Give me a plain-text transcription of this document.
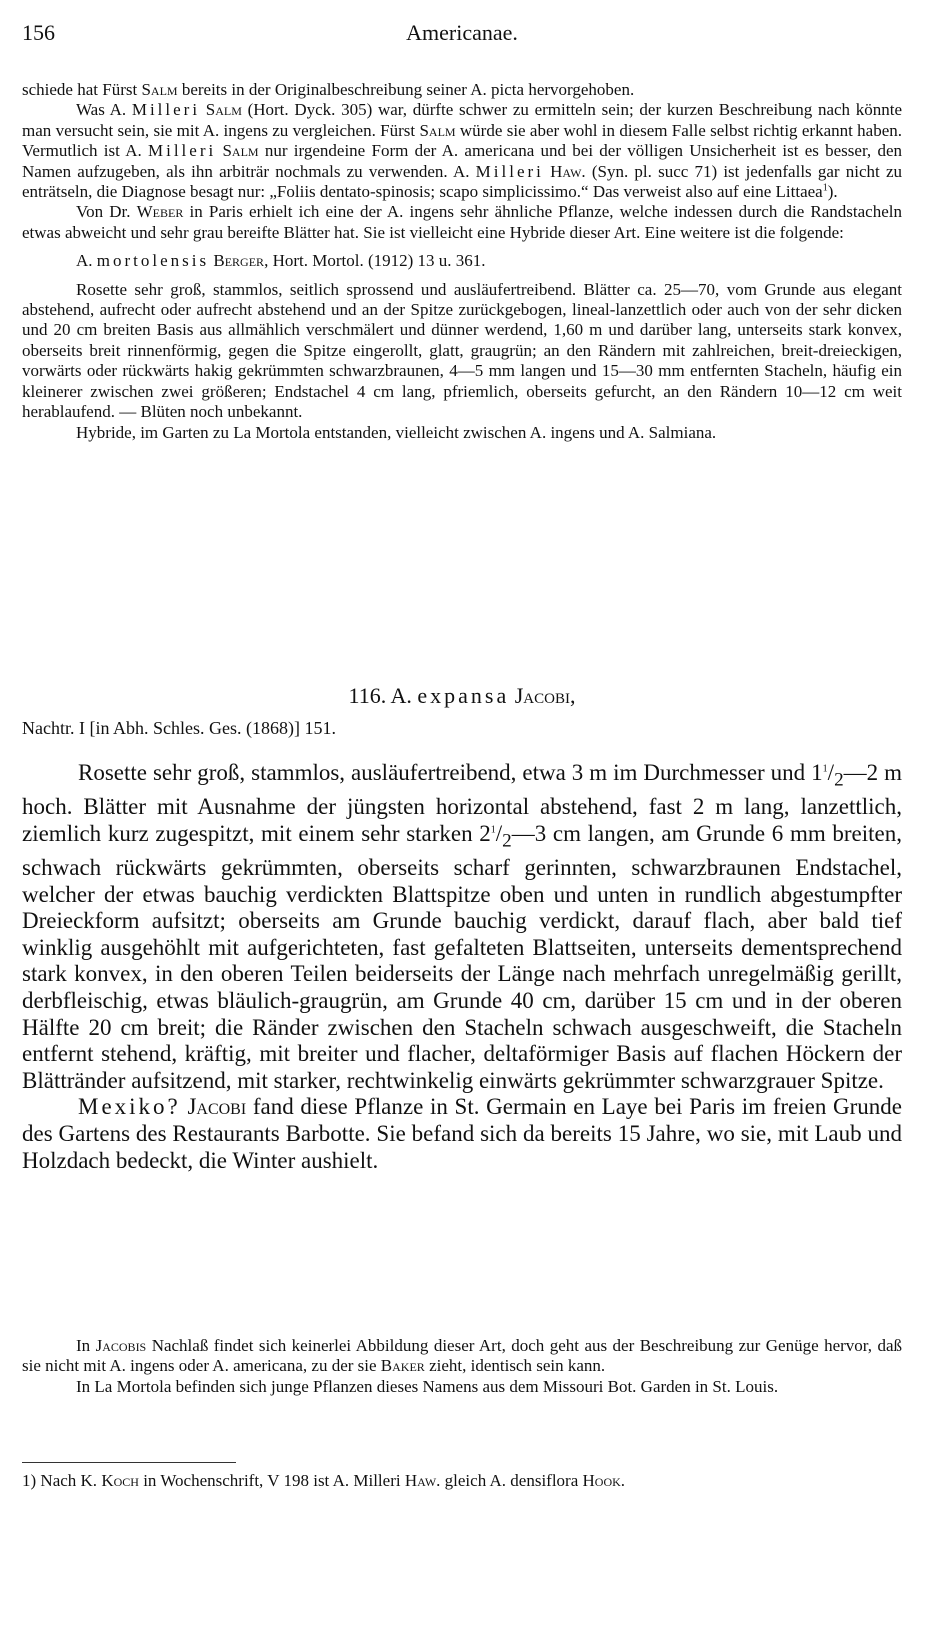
156	Americanae.

schiede hat Fürst Salm bereits in der Originalbeschreibung seiner A. picta hervorgehoben.

Was A. Milleri Salm (Hort. Dyck. 305) war, dürfte schwer zu ermitteln sein; der kurzen Beschreibung nach könnte man versucht sein, sie mit A. ingens zu vergleichen. Fürst Salm würde sie aber wohl in diesem Falle selbst richtig erkannt haben. Vermutlich ist A. Milleri Salm nur irgendeine Form der A. americana und bei der völligen Unsicherheit ist es besser, den Namen aufzugeben, als ihn arbiträr nochmals zu verwenden. A. Milleri Haw. (Syn. pl. succ 71) ist jedenfalls gar nicht zu enträtseln, die Diagnose besagt nur: „Foliis dentato-spinosis; scapo simplicissimo.“ Das verweist also auf eine Littaea$^1$).

Von Dr. Weber in Paris erhielt ich eine der A. ingens sehr ähnliche Pflanze, welche indessen durch die Randstacheln etwas abweicht und sehr grau bereifte Blätter hat. Sie ist vielleicht eine Hybride dieser Art. Eine weitere ist die folgende:

A. mortolensis Berger, Hort. Mortol. (1912) 13 u. 361.

Rosette sehr groß, stammlos, seitlich sprossend und ausläufertreibend. Blätter ca. 25—70, vom Grunde aus elegant abstehend, aufrecht oder aufrecht abstehend und an der Spitze zurückgebogen, lineal-lanzettlich oder auch von der sehr dicken und 20 cm breiten Basis aus allmählich verschmälert und dünner werdend, 1,60 m und darüber lang, unterseits stark konvex, oberseits breit rinnenförmig, gegen die Spitze eingerollt, glatt, graugrün; an den Rändern mit zahlreichen, breit-dreieckigen, vorwärts oder rückwärts hakig gekrümmten schwarzbraunen, 4—5 mm langen und 15—30 mm entfernten Stacheln, häufig ein kleinerer zwischen zwei größeren; Endstachel 4 cm lang, pfriemlich, oberseits gefurcht, an den Rändern 10—12 cm weit herablaufend. — Blüten noch unbekannt.

Hybride, im Garten zu La Mortola entstanden, vielleicht zwischen A. ingens und A. Salmiana.

116. A. expansa Jacobi,
Nachtr. I [in Abh. Schles. Ges. (1868)] 151.

Rosette sehr groß, stammlos, ausläufertreibend, etwa 3 m im Durchmesser und $1^1/_2—2$ m hoch. Blätter mit Ausnahme der jüngsten horizontal abstehend, fast 2 m lang, lanzettlich, ziemlich kurz zugespitzt, mit einem sehr starken $2^1/_2—3$ cm langen, am Grunde 6 mm breiten, schwach rückwärts gekrümmten, oberseits scharf gerinnten, schwarzbraunen Endstachel, welcher der etwas bauchig verdickten Blattspitze oben und unten in rundlich abgestumpfter Dreieckform aufsitzt; oberseits am Grunde bauchig verdickt, darauf flach, aber bald tief winklig ausgehöhlt mit aufgerichteten, fast gefalteten Blattseiten, unterseits dementsprechend stark konvex, in den oberen Teilen beiderseits der Länge nach mehrfach unregelmäßig gerillt, derbfleischig, etwas bläulich-graugrün, am Grunde 40 cm, darüber 15 cm und in der oberen Hälfte 20 cm breit; die Ränder zwischen den Stacheln schwach ausgeschweift, die Stacheln entfernt stehend, kräftig, mit breiter und flacher, deltaförmiger Basis auf flachen Höckern der Blättränder aufsitzend, mit starker, rechtwinkelig einwärts gekrümmter schwarzgrauer Spitze.

Mexiko? Jacobi fand diese Pflanze in St. Germain en Laye bei Paris im freien Grunde des Gartens des Restaurants Barbotte. Sie befand sich da bereits 15 Jahre, wo sie, mit Laub und Holzdach bedeckt, die Winter aushielt.

In Jacobis Nachlaß findet sich keinerlei Abbildung dieser Art, doch geht aus der Beschreibung zur Genüge hervor, daß sie nicht mit A. ingens oder A. americana, zu der sie Baker zieht, identisch sein kann.

In La Mortola befinden sich junge Pflanzen dieses Namens aus dem Missouri Bot. Garden in St. Louis.

1) Nach K. Koch in Wochenschrift, V 198 ist A. Milleri Haw. gleich A. densiflora Hook.
